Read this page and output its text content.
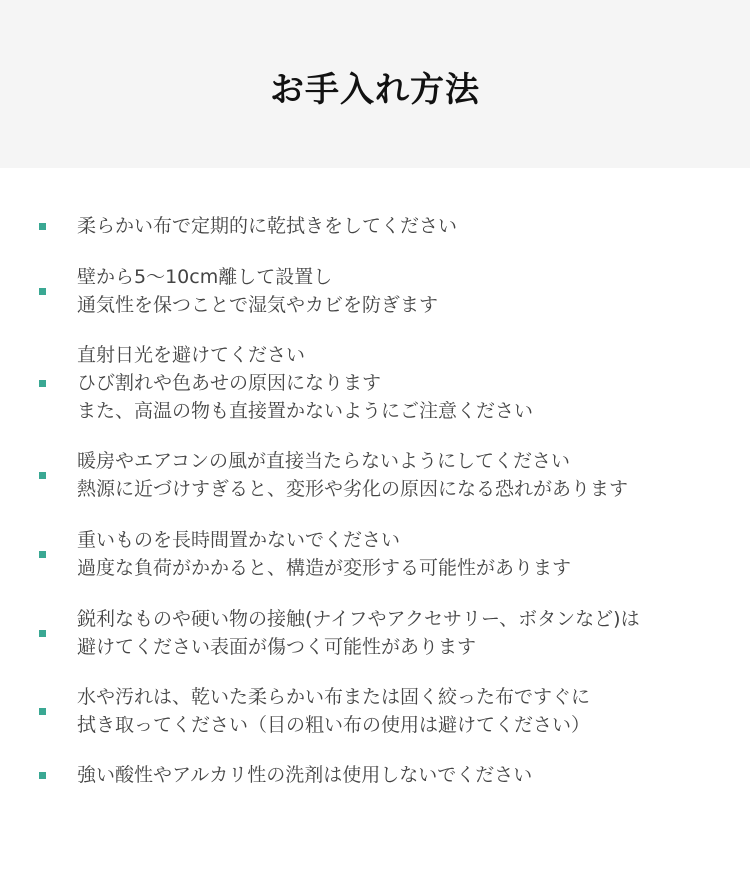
お手入れ方法
柔らかい布で定期的に乾拭きをしてください
壁から5～10cm離して設置し
通気性を保つことで湿気やカビを防ぎます
直射日光を避けてください
ひび割れや色あせの原因になります
また、高温の物も直接置かないようにご注意ください
暖房やエアコンの風が直接当たらないようにしてください
熱源に近づけすぎると、変形や劣化の原因になる恐れがあります
重いものを長時間置かないでください
過度な負荷がかかると、構造が変形する可能性があります
鋭利なものや硬い物の接触(ナイフやアクセサリー、ボタンなど)は
避けてください表面が傷つく可能性があります
水や汚れは、乾いた柔らかい布または固く絞った布ですぐに
拭き取ってください（目の粗い布の使用は避けてください）
強い酸性やアルカリ性の洗剤は使用しないでください
